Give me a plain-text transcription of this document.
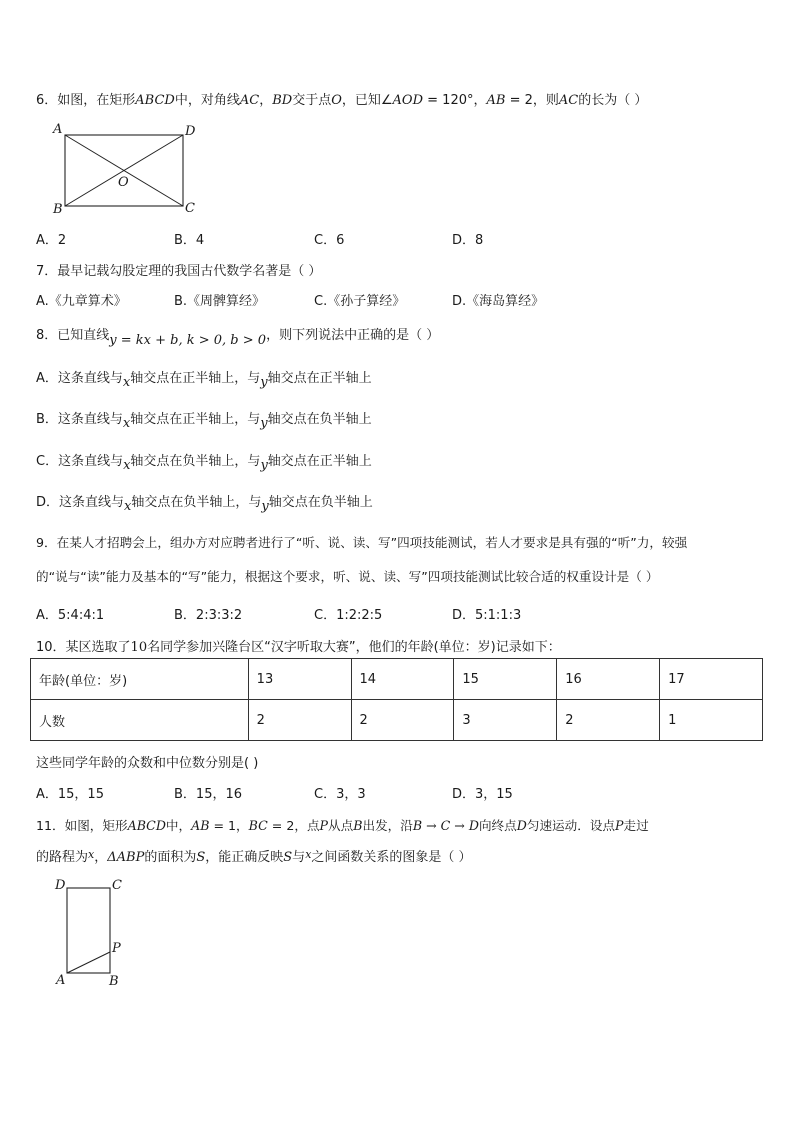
6．如图，在矩形ABCD中，对角线AC，BD交于点O，已知∠AOD = 120°，AB = 2，则AC的长为（ ）
A	D
O
B	C
A．2	B．4	C．6	D．8
7．最早记载勾股定理的我国古代数学名著是（ ）
A.《九章算术》	B.《周髀算经》	C.《孙子算经》	D.《海岛算经》
8．已知直线y = kx + b, k > 0, b > 0，则下列说法中正确的是（ ）
A．这条直线与x轴交点在正半轴上，与y轴交点在正半轴上
B．这条直线与x轴交点在正半轴上，与y轴交点在负半轴上
C．这条直线与x轴交点在负半轴上，与y轴交点在正半轴上
D．这条直线与x轴交点在负半轴上，与y轴交点在负半轴上
9．在某人才招聘会上，组办方对应聘者进行了“听、说、读、写”四项技能测试，若人才要求是具有强的“听”力，较强
的“说与“读”能力及基本的“写”能力，根据这个要求，听、说、读、写”四项技能测试比较合适的权重设计是（ ）
A．5:4:4:1	B．2:3:3:2	C．1:2:2:5	D．5:1:1:3
10．某区选取了10名同学参加兴隆台区“汉字听取大赛”，他们的年龄(单位：岁)记录如下：
年龄(单位：岁)	13	14	15	16	17
人数	2	2	3	2	1
这些同学年龄的众数和中位数分别是( )
A．15，15	B．15，16	C．3，3	D．3，15
11．如图，矩形ABCD中，AB = 1，BC = 2，点P从点B出发，沿B → C → D向终点D匀速运动．设点P走过
的路程为$^x$，ΔABP的面积为S，能正确反映S与$^x$之间函数关系的图象是（ ）
D	C
P
A	B
